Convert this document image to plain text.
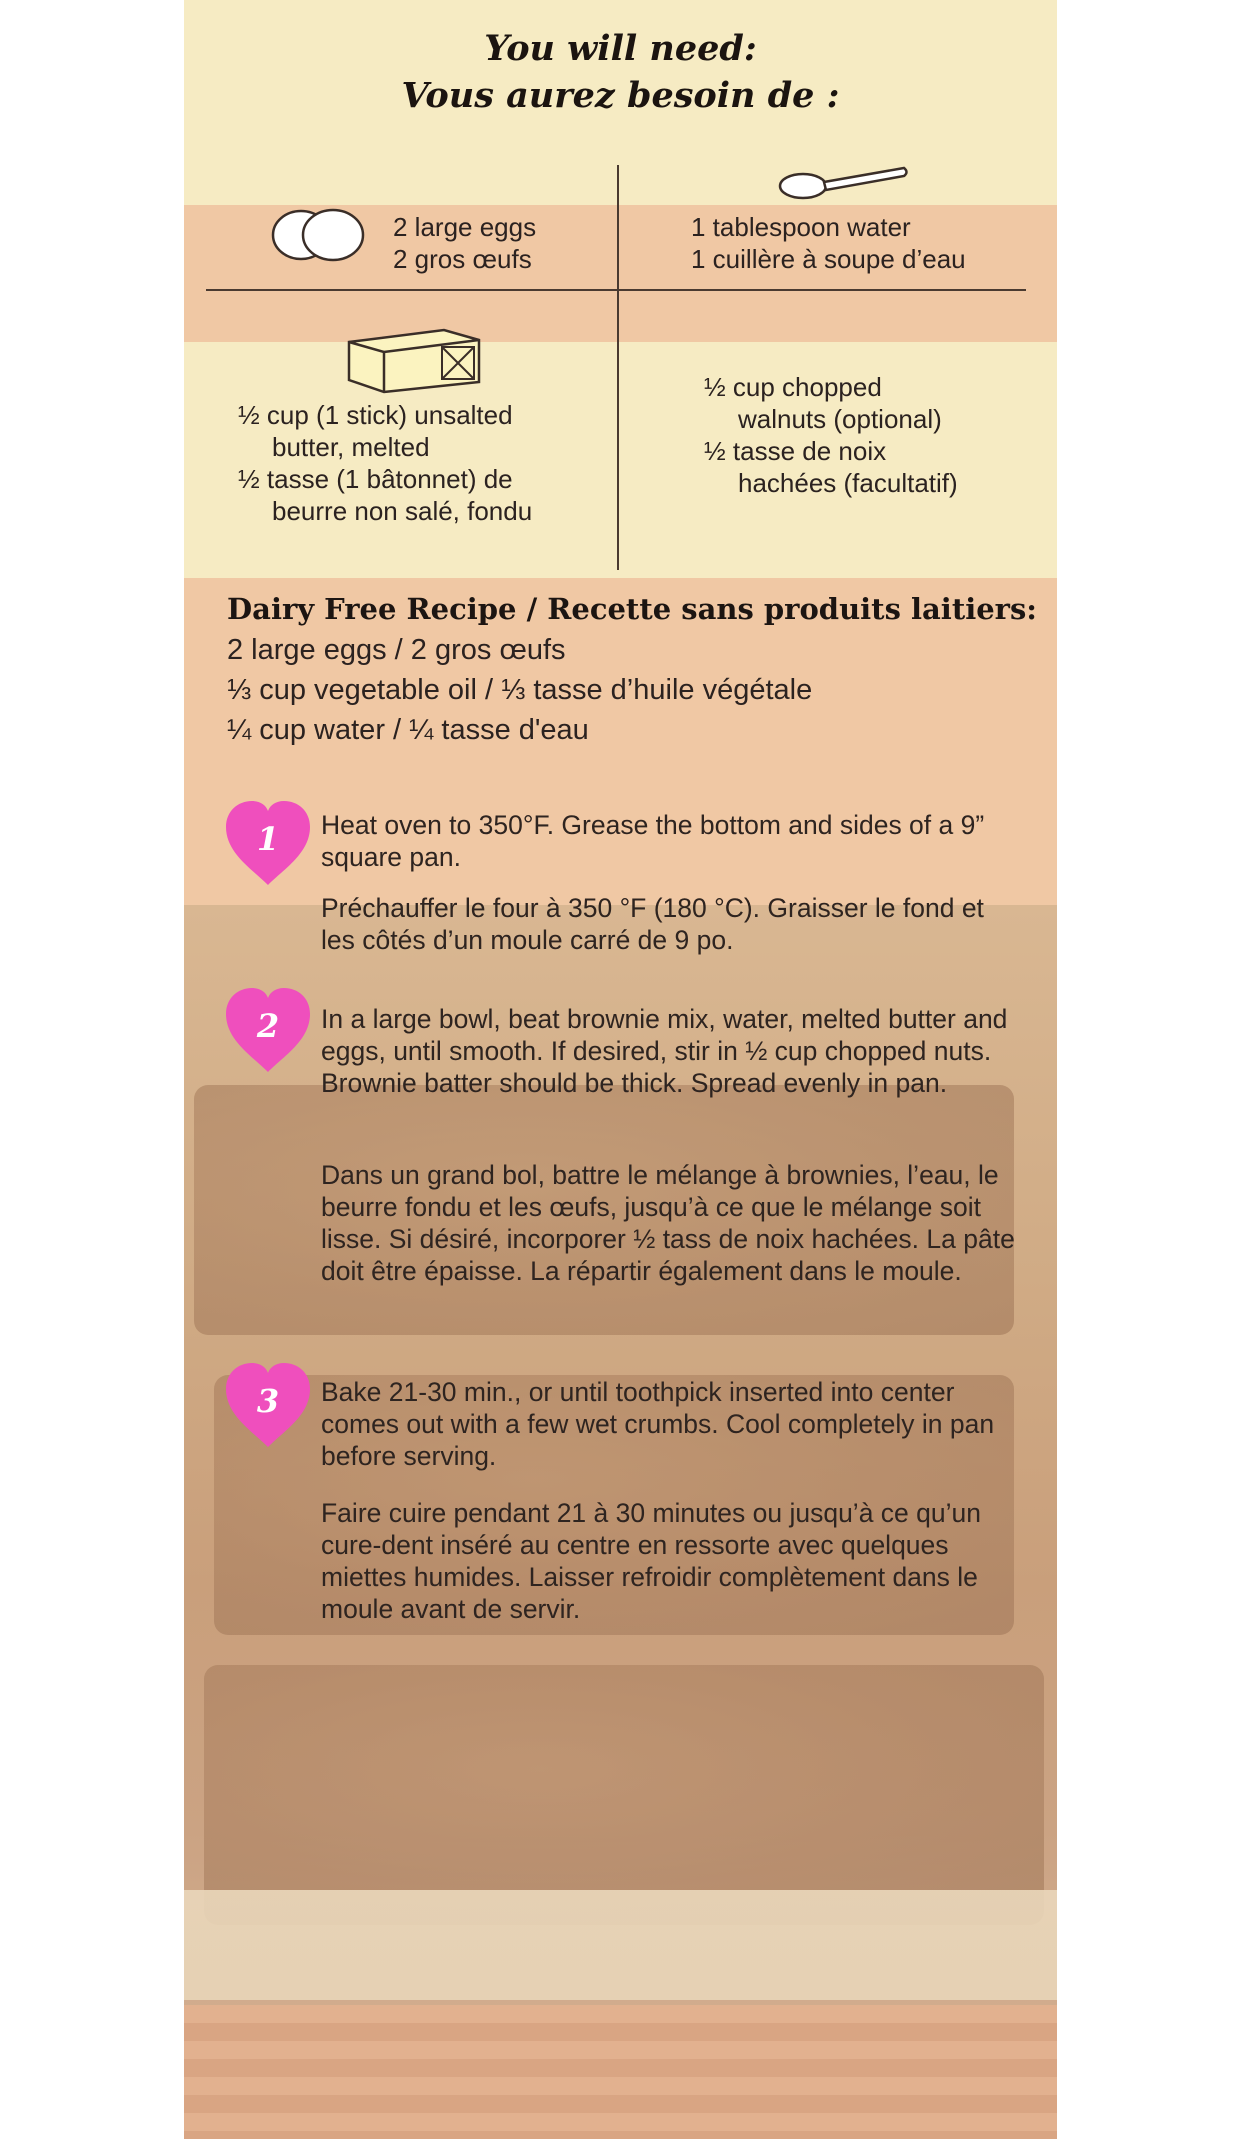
You will need:
Vous aurez besoin de :
2 large eggs
2 gros œufs
1 tablespoon water
1 cuillère à soupe d’eau
½ cup (1 stick) unsalted
butter, melted
½ tasse (1 bâtonnet) de
beurre non salé, fondu
½ cup chopped
walnuts (optional)
½ tasse de noix
hachées (facultatif)
Dairy Free Recipe / Recette sans produits laitiers:
2 large eggs / 2 gros œufs
⅓ cup vegetable oil / ⅓ tasse d’huile végétale
¼ cup water / ¼ tasse d'eau
1	Heat oven to 350°F. Grease the bottom and sides of a 9” square pan.
Préchauffer le four à 350 °F (180 °C). Graisser le fond et les côtés d’un moule carré de 9 po.
2	In a large bowl, beat brownie mix, water, melted butter and eggs, until smooth. If desired, stir in ½ cup chopped nuts. Brownie batter should be thick. Spread evenly in pan.
Dans un grand bol, battre le mélange à brownies, l’eau, le beurre fondu et les œufs, jusqu’à ce que le mélange soit lisse. Si désiré, incorporer ½ tass de noix hachées. La pâte doit être épaisse. La répartir également dans le moule.
3	Bake 21-30 min., or until toothpick inserted into center comes out with a few wet crumbs. Cool completely in pan before serving.
Faire cuire pendant 21 à 30 minutes ou jusqu’à ce qu’un cure-dent inséré au centre en ressorte avec quelques miettes humides. Laisser refroidir complètement dans le moule avant de servir.
